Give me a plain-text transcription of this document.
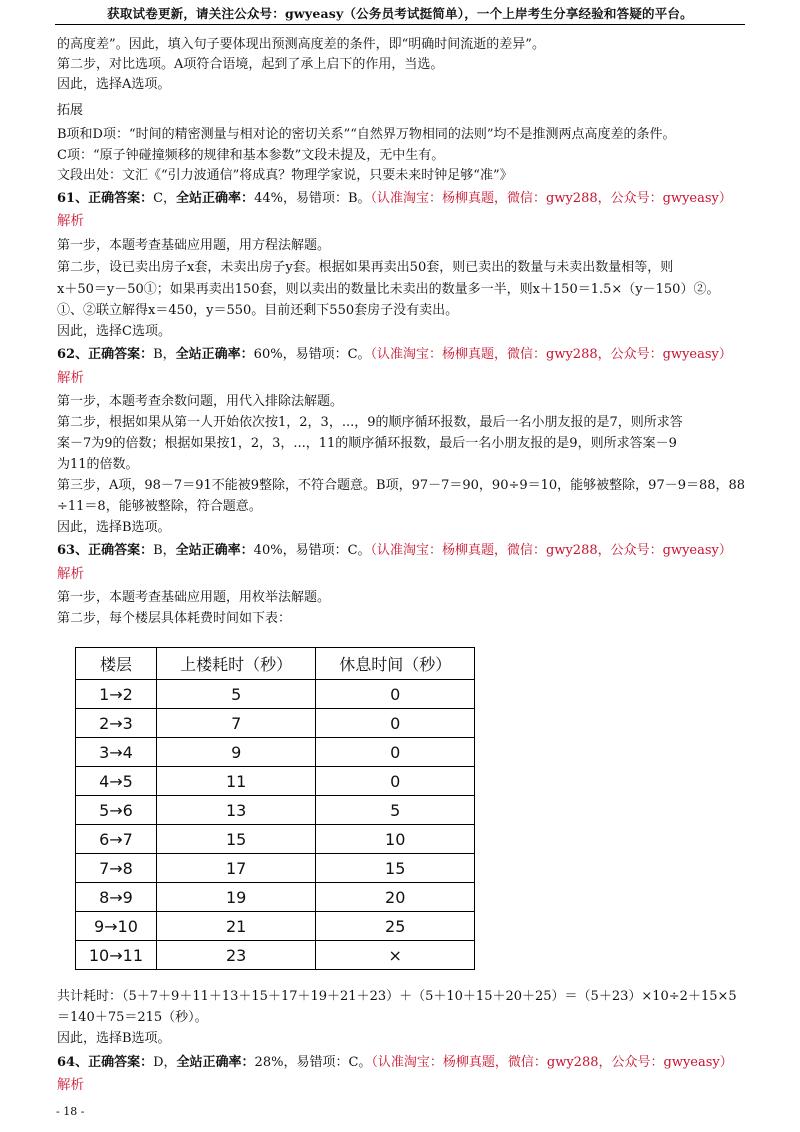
获取试卷更新，请关注公众号：gwyeasy（公务员考试挺简单），一个上岸考生分享经验和答疑的平台。
的高度差”。因此，填入句子要体现出预测高度差的条件，即“明确时间流逝的差异”。
第二步，对比选项。A项符合语境，起到了承上启下的作用，当选。
因此，选择A选项。
拓展
B项和D项：“时间的精密测量与相对论的密切关系”“自然界万物相同的法则”均不是推测两点高度差的条件。
C项：“原子钟碰撞频移的规律和基本参数”文段未提及，无中生有。
文段出处：文汇《“引力波通信”将成真？物理学家说，只要未来时钟足够“准”》
61、正确答案：C，全站正确率：44%，易错项：B。（认准淘宝：杨柳真题，微信：gwy288，公众号：gwyeasy）
解析
第一步，本题考查基础应用题，用方程法解题。
第二步，设已卖出房子x套，未卖出房子y套。根据如果再卖出50套，则已卖出的数量与未卖出数量相等，则
x＋50＝y－50①；如果再卖出150套，则以卖出的数量比未卖出的数量多一半，则x＋150＝1.5×（y－150）②。
①、②联立解得x＝450，y＝550。目前还剩下550套房子没有卖出。
因此，选择C选项。
62、正确答案：B，全站正确率：60%，易错项：C。（认准淘宝：杨柳真题，微信：gwy288，公众号：gwyeasy）
解析
第一步，本题考查余数问题，用代入排除法解题。
第二步，根据如果从第一人开始依次按1，2，3，...，9的顺序循环报数，最后一名小朋友报的是7，则所求答
案－7为9的倍数；根据如果按1，2，3，...，11的顺序循环报数，最后一名小朋友报的是9，则所求答案－9
为11的倍数。
第三步，A项，98－7＝91不能被9整除，不符合题意。B项，97－7＝90，90÷9＝10，能够被整除，97－9＝88，88
÷11＝8，能够被整除，符合题意。
因此，选择B选项。
63、正确答案：B，全站正确率：40%，易错项：C。（认准淘宝：杨柳真题，微信：gwy288，公众号：gwyeasy）
解析
第一步，本题考查基础应用题，用枚举法解题。
第二步，每个楼层具体耗费时间如下表：
楼层	上楼耗时（秒）	休息时间（秒）
1→2	5	0
2→3	7	0
3→4	9	0
4→5	11	0
5→6	13	5
6→7	15	10
7→8	17	15
8→9	19	20
9→10	21	25
10→11	23	×
共计耗时：（5＋7＋9＋11＋13＋15＋17＋19＋21＋23）＋（5＋10＋15＋20＋25）＝（5＋23）×10÷2＋15×5
＝140＋75＝215（秒）。
因此，选择B选项。
64、正确答案：D，全站正确率：28%，易错项：C。（认准淘宝：杨柳真题，微信：gwy288，公众号：gwyeasy）
解析
- 18 -
